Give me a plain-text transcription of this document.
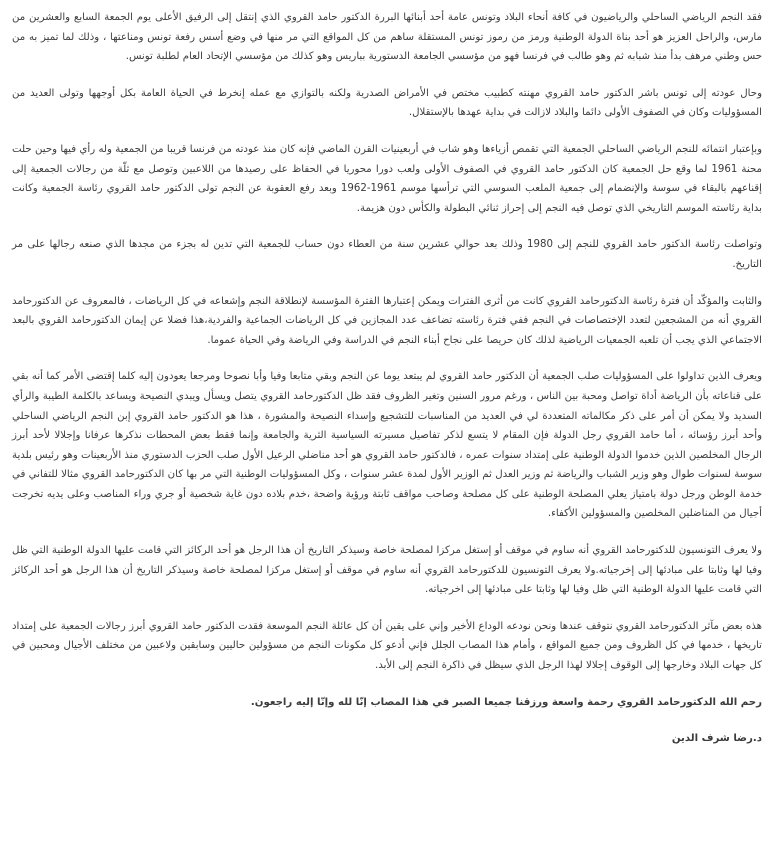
فقد النجم الرياضي الساحلي والرياضيون في كافة أنحاء البلاد وتونس عامة أحد أبنائها البررة الدكتور حامد القروي الذي إنتقل إلى الرفيق الأعلى يوم الجمعة السابع والعشرين من مارس، والراحل العزيز هو أحد بناة الدولة الوطنية ورمز من رموز تونس المستقلة ساهم من كل المواقع التي مر منها في وضع أسس رفعة تونس ومناعتها ، وذلك لما تميز به من حس وطني مرهف بدأ منذ شبابه ثم وهو طالب في فرنسا فهو من مؤسسي الجامعة الدستورية بباريس وهو كذلك من مؤسسي الإتحاد العام لطلبة تونس.

وحال عودته إلى تونس باشر الدكتور حامد القروي مهنته كطبيب مختص في الأمراض الصدرية ولكنه بالتوازي مع عمله إنخرط في الحياة العامة بكل أوجهها وتولى العديد من المسؤوليات وكان في الصفوف الأولى دائما والبلاد لازالت في بداية عهدها بالإستقلال.

وبإعتبار انتمائه للنجم الرياضي الساحلي الجمعية التي تقمص أزياءها وهو شاب في أربعينيات القرن الماضي فإنه كان منذ عودته من فرنسا قريبا من الجمعية وله رأي فيها وحين حلت محنة 1961 لما وقع حل الجمعية كان الدكتور حامد القروي في الصفوف الأولى ولعب دورا محوريا في الحفاظ على رصيدها من اللاعبين وتوصل مع ثلّة من رجالات الجمعية إلى إقناعهم بالبقاء في سوسة والإنضمام إلى جمعية الملعب السوسي التي ترأسها موسم 1961-1962 وبعد رفع العقوبة عن النجم تولى الدكتور حامد القروي رئاسة الجمعية وكانت بداية رئاسته الموسم التاريخي الذي توصل فيه النجم إلى إحراز ثنائي البطولة والكأس دون هزيمة.

وتواصلت رئاسة الدكتور حامد القروي للنجم إلى 1980 وذلك بعد حوالي عشرين سنة من العطاء دون حساب للجمعية التي تدين له بجزء من مجدها الذي صنعه رجالها على مر التاريخ.

والثابت والمؤكّد أن فترة رئاسة الدكتورحامد القروي كانت من أثرى الفترات ويمكن إعتبارها الفترة المؤسسة لإنطلاقة النجم وإشعاعه في كل الرياضات ، فالمعروف عن الدكتورحامد القروي أنه من المشجعين لتعدد الإختصاصات في النجم ففي فترة رئاسته تضاعف عدد المجازين في كل الرياضات الجماعية والفردية،هذا فضلا عن إيمان الدكتورحامد القروي بالبعد الاجتماعي الذي يجب أن تلعبه الجمعيات الرياضية لذلك كان حريصا على نجاح أبناء النجم في الدراسة وفي الرياضة وفي الحياة عموما.

ويعرف الذين تداولوا على المسؤوليات صلب الجمعية أن الدكتور حامد القروي لم يبتعد يوما عن النجم وبقي متابعا وفيا وأبا نصوحا ومرجعا يعودون إليه كلما إقتضى الأمر كما أنه بقي على قناعاته بأن الرياضة أداة تواصل ومحبة بين الناس ، ورغم مرور السنين وتغير الظروف فقد ظل الدكتورحامد القروي يتصل ويسأل ويبدي النصيحة ويساعد بالكلمة الطيبة والرأي السديد ولا يمكن أن أمر على ذكر مكالماته المتعددة لي في العديد من المناسبات للتشجيع وإسداء النصيحة والمشورة ، هذا هو الدكتور حامد القروي إبن النجم الرياضي الساحلي وأحد أبرز رؤسائه ، أما حامد القروي رجل الدولة فإن المقام لا يتسع لذكر تفاصيل مسيرته السياسية الثرية والجامعة وإنما فقط بعض المحطات نذكرها عرفانا وإجلالا لأحد أبرز الرجال المخلصين الذين خدموا الدولة الوطنية على إمتداد سنوات عمره ، فالدكتور حامد القروي هو أحد مناضلي الرعيل الأول صلب الحزب الدستوري منذ الأربعينات وهو رئيس بلدية سوسة لسنوات طوال وهو وزير الشباب والرياضة ثم وزير العدل ثم الوزير الأول لمدة عشر سنوات ، وكل المسؤوليات الوطنية التي مر بها كان الدكتورحامد القروي مثالا للتفاني في خدمة الوطن ورجل دولة بامتياز يعلي المصلحة الوطنية على كل مصلحة وصاحب مواقف ثابتة ورؤية واضحة ،خدم بلاده دون غاية شخصية أو جري وراء المناصب وعلى يديه تخرجت أجيال من المناضلين المخلصين والمسؤولين الأكفاء.

ولا يعرف التونسيون للدكتورحامد القروي أنه ساوم في موقف أو إستغل مركزا لمصلحة خاصة وسيذكر التاريخ أن هذا الرجل هو أحد الركائز التي قامت عليها الدولة الوطنية التي ظل وفيا لها وثابتا على مبادئها إلى إخرجياته.ولا يعرف التونسيون للدكتورحامد القروي أنه ساوم في موقف أو إستغل مركزا لمصلحة خاصة وسيذكر التاريخ أن هذا الرجل هو أحد الركائز التي قامت عليها الدولة الوطنية التي ظل وفيا لها وثابتا على مبادئها إلى اخرجياته.

هذه بعض مآثر الدكتورحامد القروي نتوقف عندها ونحن نودعه الوداع الأخير وإني على يقين أن كل عائلة النجم الموسعة فقدت الدكتور حامد القروي أبرز رجالات الجمعية على إمتداد تاريخها ، خدمها في كل الظروف ومن جميع المواقع ، وأمام هذا المصاب الجلل فإني أدعو كل مكونات النجم من مسؤولين حاليين وسابقين ولاعبين من مختلف الأجيال ومحبين في كل جهات البلاد وخارجها إلى الوقوف إجلالا لهذا الرجل الذي سيظل في ذاكرة النجم إلى الأبد.

رحم الله الدكتورحامد القروي رحمة واسعة ورزقنا جميعا الصبر في هذا المصاب إنّا لله وإنّا إليه راجعون.

د.رضا شرف الدين
